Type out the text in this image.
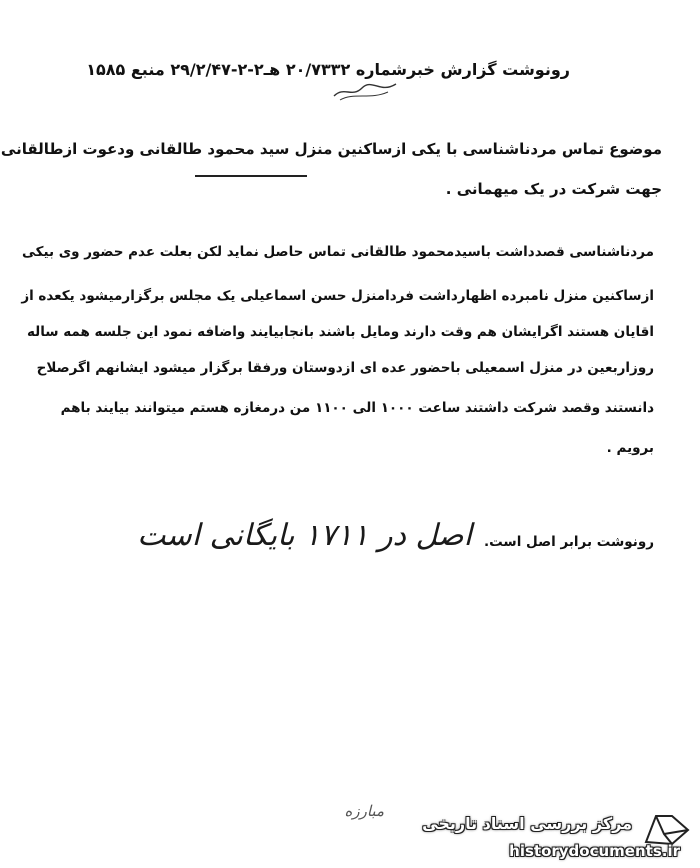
رونوشت گزارش خبرشماره ۲۰/۷۳۳۲ هـ۲-۲-۲۹/۲/۴۷ منبع ۱۵۸۵
موضوع تماس مردناشناسی با یکی ازساکنین منزل سید محمود طالقانی ودعوت ازطالقانی
جهت شرکت در یک میهمانی .
مردناشناسی قصدداشت باسیدمحمود طالقانی تماس حاصل نماید لکن بعلت عدم حضور وی بیکی
ازساکنین منزل نامبرده اظهارداشت فردامنزل حسن اسماعیلی یک مجلس برگزارمیشود یکعده از
اقایان هستند اگرایشان هم وقت دارند ومایل باشند بانجابیایند واضافه نمود این جلسه همه ساله
روزاربعین در منزل اسمعیلی باحضور عده ای ازدوستان ورفقا برگزار میشود ایشانهم اگرصلاح
دانستند وقصد شرکت داشتند ساعت ۱۰۰۰ الی ۱۱۰۰ من درمغازه هستم میتوانند بیایند باهم
برویم .
رونوشت برابر اصل است.
اصل در ۱۷۱۱ بایگانی است
مبارزه
مرکز بررسی اسناد تاریخی
historydocuments.ir
